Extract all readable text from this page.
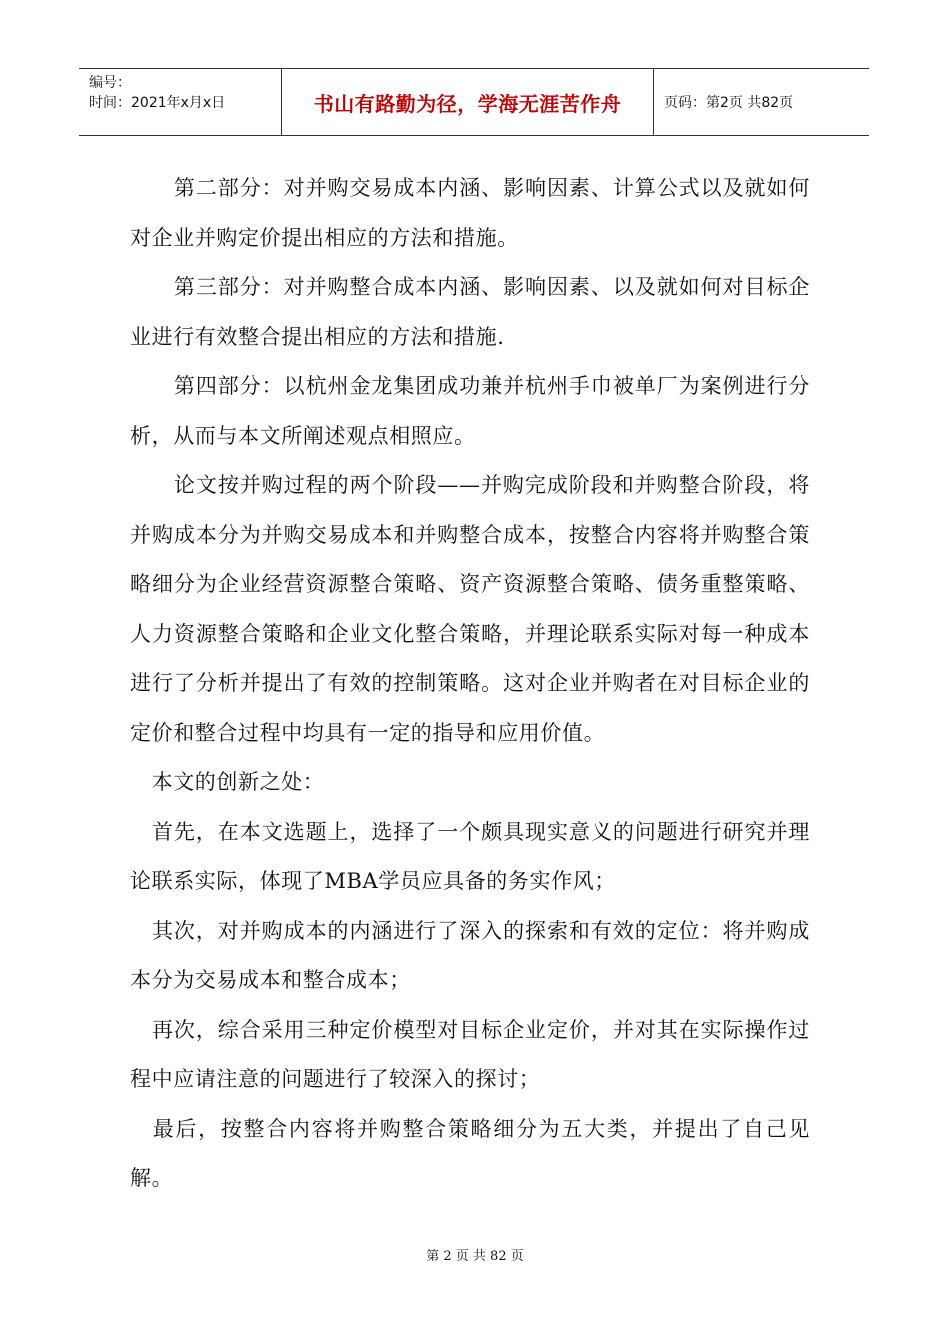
编号：
时间：2021年x月x日	书山有路勤为径，学海无涯苦作舟	页码：第2页 共82页

　　第二部分：对并购交易成本内涵、影响因素、计算公式以及就如何对企业并购定价提出相应的方法和措施。

　　第三部分：对并购整合成本内涵、影响因素、以及就如何对目标企业进行有效整合提出相应的方法和措施.

　　第四部分：以杭州金龙集团成功兼并杭州手巾被单厂为案例进行分析，从而与本文所阐述观点相照应。

　　论文按并购过程的两个阶段——并购完成阶段和并购整合阶段，将并购成本分为并购交易成本和并购整合成本，按整合内容将并购整合策略细分为企业经营资源整合策略、资产资源整合策略、债务重整策略、人力资源整合策略和企业文化整合策略，并理论联系实际对每一种成本进行了分析并提出了有效的控制策略。这对企业并购者在对目标企业的定价和整合过程中均具有一定的指导和应用价值。

　本文的创新之处：

　首先，在本文选题上，选择了一个颇具现实意义的问题进行研究并理论联系实际，体现了MBA学员应具备的务实作风；

　其次，对并购成本的内涵进行了深入的探索和有效的定位：将并购成本分为交易成本和整合成本；

　再次，综合采用三种定价模型对目标企业定价，并对其在实际操作过程中应请注意的问题进行了较深入的探讨；

　最后，按整合内容将并购整合策略细分为五大类，并提出了自己见解。

第 2 页 共 82 页
